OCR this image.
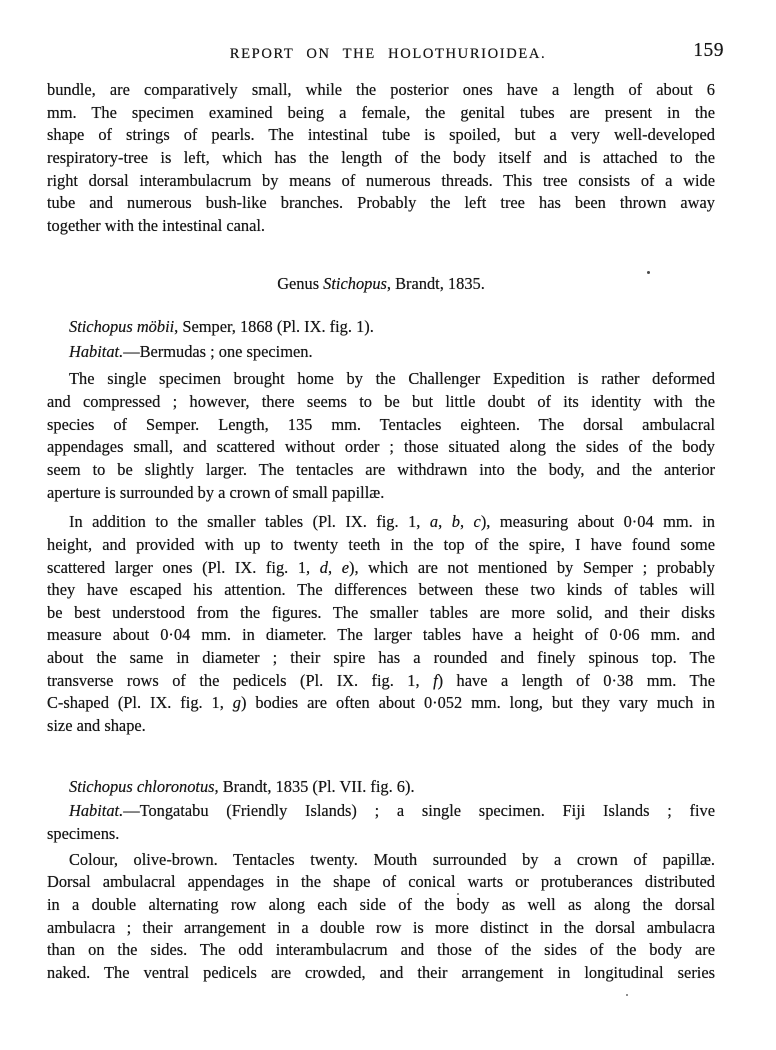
REPORT ON THE HOLOTHURIOIDEA.	159
bundle, are comparatively small, while the posterior ones have a length of about 6
mm. The specimen examined being a female, the genital tubes are present in the
shape of strings of pearls. The intestinal tube is spoiled, but a very well-developed
respiratory-tree is left, which has the length of the body itself and is attached to the
right dorsal interambulacrum by means of numerous threads. This tree consists of a wide
tube and numerous bush-like branches. Probably the left tree has been thrown away
together with the intestinal canal.
Genus Stichopus, Brandt, 1835.
Stichopus möbii, Semper, 1868 (Pl. IX. fig. 1).
Habitat.—Bermudas ; one specimen.
The single specimen brought home by the Challenger Expedition is rather deformed
and compressed ; however, there seems to be but little doubt of its identity with the
species of Semper. Length, 135 mm. Tentacles eighteen. The dorsal ambulacral
appendages small, and scattered without order ; those situated along the sides of the body
seem to be slightly larger. The tentacles are withdrawn into the body, and the anterior
aperture is surrounded by a crown of small papillæ.
In addition to the smaller tables (Pl. IX. fig. 1, a, b, c), measuring about 0·04 mm. in
height, and provided with up to twenty teeth in the top of the spire, I have found some
scattered larger ones (Pl. IX. fig. 1, d, e), which are not mentioned by Semper ; probably
they have escaped his attention. The differences between these two kinds of tables will
be best understood from the figures. The smaller tables are more solid, and their disks
measure about 0·04 mm. in diameter. The larger tables have a height of 0·06 mm. and
about the same in diameter ; their spire has a rounded and finely spinous top. The
transverse rows of the pedicels (Pl. IX. fig. 1, f) have a length of 0·38 mm. The
C-shaped (Pl. IX. fig. 1, g) bodies are often about 0·052 mm. long, but they vary much in
size and shape.
Stichopus chloronotus, Brandt, 1835 (Pl. VII. fig. 6).
Habitat.—Tongatabu (Friendly Islands) ; a single specimen. Fiji Islands ; five
specimens.
Colour, olive-brown. Tentacles twenty. Mouth surrounded by a crown of papillæ.
Dorsal ambulacral appendages in the shape of conical warts or protuberances distributed
in a double alternating row along each side of the body as well as along the dorsal
ambulacra ; their arrangement in a double row is more distinct in the dorsal ambulacra
than on the sides. The odd interambulacrum and those of the sides of the body are
naked. The ventral pedicels are crowded, and their arrangement in longitudinal series
